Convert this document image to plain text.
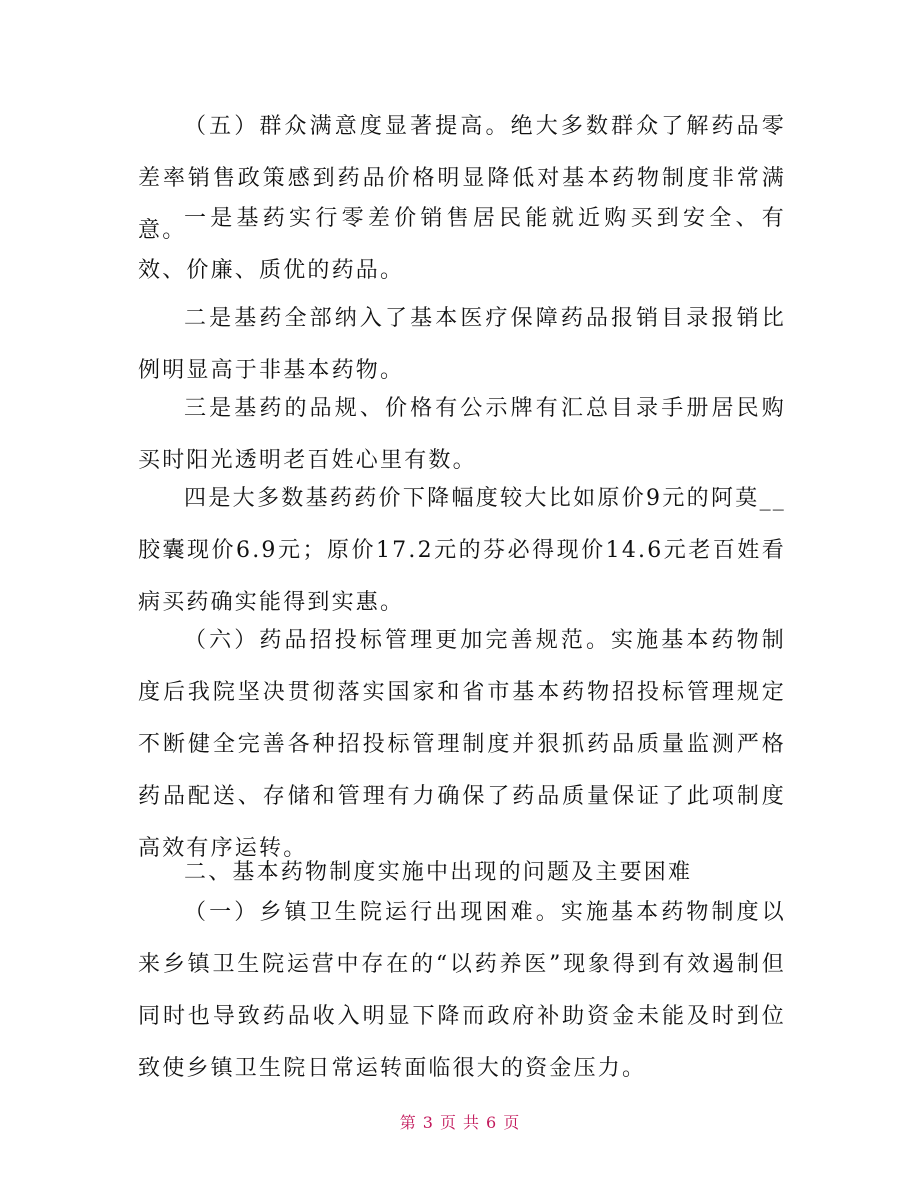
（五）群众满意度显著提高。绝大多数群众了解药品零差率销售政策感到药品价格明显降低对基本药物制度非常满意。

一是基药实行零差价销售居民能就近购买到安全、有效、价廉、质优的药品。

二是基药全部纳入了基本医疗保障药品报销目录报销比例明显高于非基本药物。

三是基药的品规、价格有公示牌有汇总目录手册居民购买时阳光透明老百姓心里有数。

四是大多数基药药价下降幅度较大比如原价9元的阿莫__胶囊现价6.9元；原价17.2元的芬必得现价14.6元老百姓看病买药确实能得到实惠。

（六）药品招投标管理更加完善规范。实施基本药物制度后我院坚决贯彻落实国家和省市基本药物招投标管理规定不断健全完善各种招投标管理制度并狠抓药品质量监测严格药品配送、存储和管理有力确保了药品质量保证了此项制度高效有序运转。

二、基本药物制度实施中出现的问题及主要困难

（一）乡镇卫生院运行出现困难。实施基本药物制度以来乡镇卫生院运营中存在的“以药养医”现象得到有效遏制但同时也导致药品收入明显下降而政府补助资金未能及时到位致使乡镇卫生院日常运转面临很大的资金压力。

第 3 页 共 6 页
